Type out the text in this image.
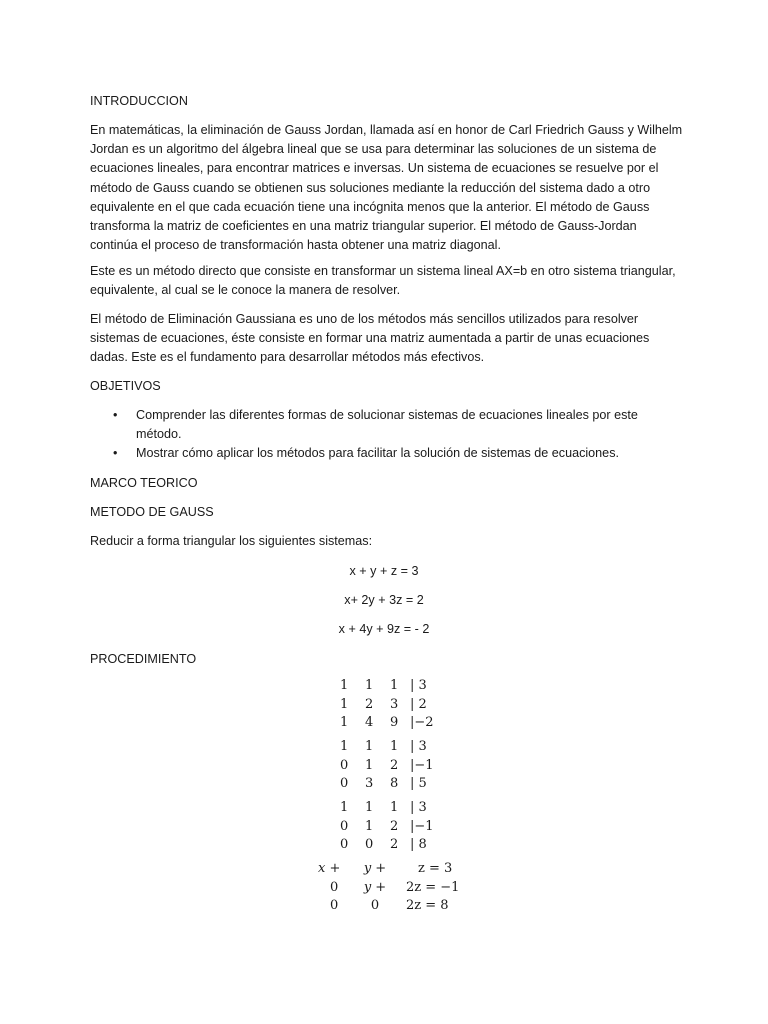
INTRODUCCION

En matemáticas, la eliminación de Gauss Jordan, llamada así en honor de Carl Friedrich Gauss y Wilhelm Jordan es un algoritmo del álgebra lineal que se usa para determinar las soluciones de un sistema de ecuaciones lineales, para encontrar matrices e inversas. Un sistema de ecuaciones se resuelve por el método de Gauss cuando se obtienen sus soluciones mediante la reducción del sistema dado a otro equivalente en el que cada ecuación tiene una incógnita menos que la anterior. El método de Gauss transforma la matriz de coeficientes en una matriz triangular superior. El método de Gauss-Jordan continúa el proceso de transformación hasta obtener una matriz diagonal.

Este es un método directo que consiste en transformar un sistema lineal AX=b en otro sistema triangular, equivalente, al cual se le conoce la manera de resolver.

El método de Eliminación Gaussiana es uno de los métodos más sencillos utilizados para resolver sistemas de ecuaciones, éste consiste en formar una matriz aumentada a partir de unas ecuaciones dadas. Este es el fundamento para desarrollar métodos más efectivos.

OBJETIVOS

• Comprender las diferentes formas de solucionar sistemas de ecuaciones lineales por este método.
• Mostrar cómo aplicar los métodos para facilitar la solución de sistemas de ecuaciones.

MARCO TEORICO

METODO DE GAUSS

Reducir a forma triangular los siguientes sistemas:

x + y + z = 3
x+ 2y + 3z = 2
x + 4y + 9z = - 2

PROCEDIMIENTO

1	1	1 | 3
1	2	3 | 2
1	4	9 |−2
1	1	1 | 3
0	1	2 |−1
0	3	8 | 5
1	1	1 | 3
0	1	2 |−1
0	0	2 | 8
x +	y +	z = 3
0	y +	2z = −1
0	0	2z = 8
